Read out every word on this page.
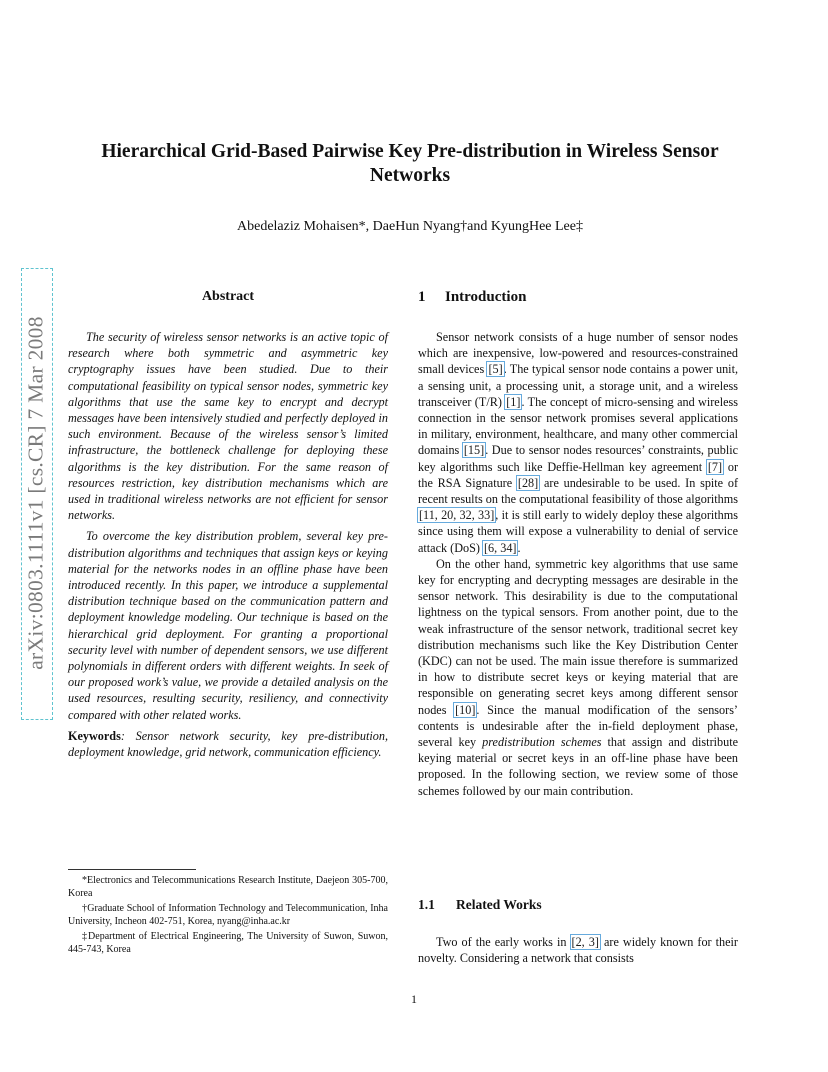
Hierarchical Grid-Based Pairwise Key Pre-distribution in Wireless Sensor Networks
Abedelaziz Mohaisen*, DaeHun Nyang†and KyungHee Lee‡
arXiv:0803.1111v1 [cs.CR] 7 Mar 2008
Abstract

The security of wireless sensor networks is an active topic of research where both symmetric and asymmetric key cryptography issues have been studied. Due to their computational feasibility on typical sensor nodes, symmetric key algorithms that use the same key to encrypt and decrypt messages have been intensively studied and perfectly deployed in such environment. Because of the wireless sensor’s limited infrastructure, the bottleneck challenge for deploying these algorithms is the key distribution. For the same reason of resources restriction, key distribution mechanisms which are used in traditional wireless networks are not efficient for sensor networks.

To overcome the key distribution problem, several key pre-distribution algorithms and techniques that assign keys or keying material for the networks nodes in an offline phase have been introduced recently. In this paper, we introduce a supplemental distribution technique based on the communication pattern and deployment knowledge modeling. Our technique is based on the hierarchical grid deployment. For granting a proportional security level with number of dependent sensors, we use different polynomials in different orders with different weights. In seek of our proposed work’s value, we provide a detailed analysis on the used resources, resulting security, resiliency, and connectivity compared with other related works.

Keywords: Sensor network security, key pre-distribution, deployment knowledge, grid network, communication efficiency.

*Electronics and Telecommunications Research Institute, Daejeon 305-700, Korea

†Graduate School of Information Technology and Telecommunication, Inha University, Incheon 402-751, Korea, nyang@inha.ac.kr

‡Department of Electrical Engineering, The University of Suwon, Suwon, 445-743, Korea

1 Introduction

Sensor network consists of a huge number of sensor nodes which are inexpensive, low-powered and resources-constrained small devices [5]. The typical sensor node contains a power unit, a sensing unit, a processing unit, a storage unit, and a wireless transceiver (T/R) [1]. The concept of micro-sensing and wireless connection in the sensor network promises several applications in military, environment, healthcare, and many other commercial domains [15]. Due to sensor nodes resources’ constraints, public key algorithms such like Deffie-Hellman key agreement [7] or the RSA Signature [28] are undesirable to be used. In spite of recent results on the computational feasibility of those algorithms [11, 20, 32, 33], it is still early to widely deploy these algorithms since using them will expose a vulnerability to denial of service attack (DoS) [6, 34].

On the other hand, symmetric key algorithms that use same key for encrypting and decrypting messages are desirable in the sensor network. This desirability is due to the computational lightness on the typical sensors. From another point, due to the weak infrastructure of the sensor network, traditional secret key distribution mechanisms such like the Key Distribution Center (KDC) can not be used. The main issue therefore is summarized in how to distribute secret keys or keying material that are responsible on generating secret keys among different sensor nodes [10]. Since the manual modification of the sensors’ contents is undesirable after the in-field deployment phase, several key predistribution schemes that assign and distribute keying material or secret keys in an off-line phase have been proposed. In the following section, we review some of those schemes followed by our main contribution.

1.1 Related Works

Two of the early works in [2, 3] are widely known for their novelty. Considering a network that consists

1
